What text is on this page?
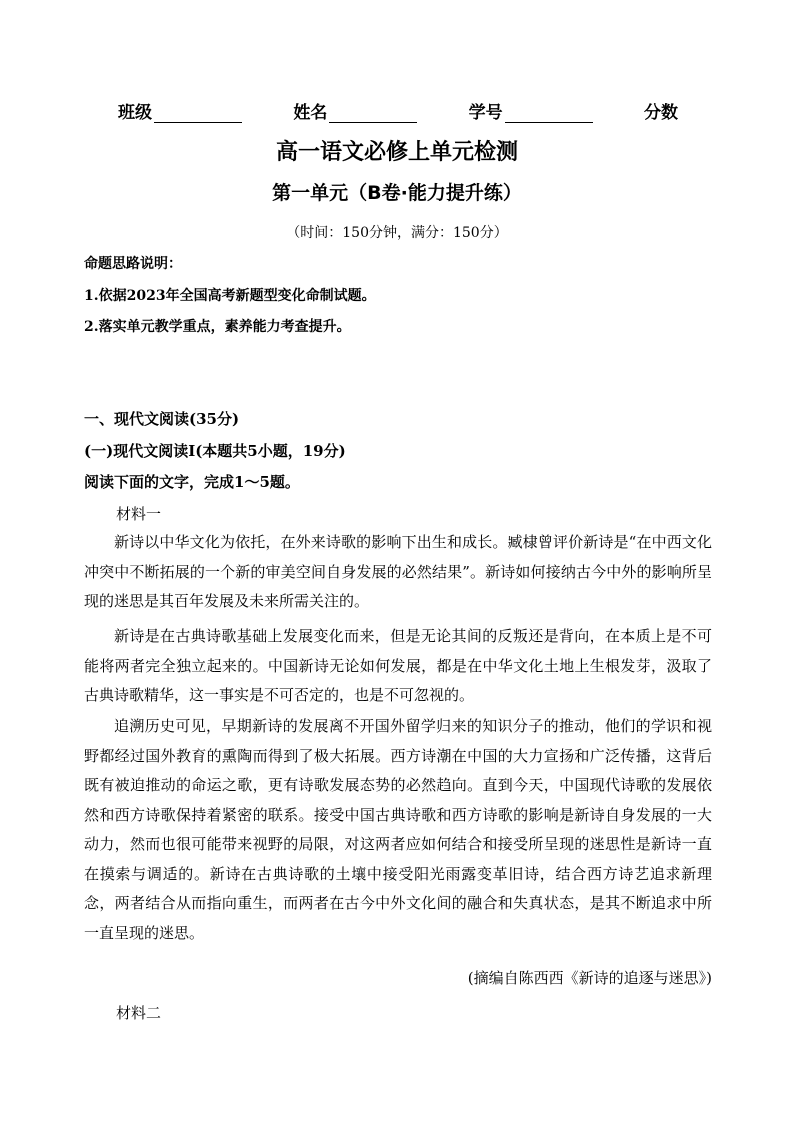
班级	姓名	学号	分数
高一语文必修上单元检测
第一单元（B卷·能力提升练）
（时间：150分钟，满分：150分）
命题思路说明：
1.依据2023年全国高考新题型变化命制试题。
2.落实单元教学重点，素养能力考查提升。
一、现代文阅读(35分)
(一)现代文阅读Ⅰ(本题共5小题，19分)
阅读下面的文字，完成1～5题。
材料一

新诗以中华文化为依托，在外来诗歌的影响下出生和成长。臧棣曾评价新诗是“在中西文化冲突中不断拓展的一个新的审美空间自身发展的必然结果”。新诗如何接纳古今中外的影响所呈现的迷思是其百年发展及未来所需关注的。

新诗是在古典诗歌基础上发展变化而来，但是无论其间的反叛还是背向，在本质上是不可能将两者完全独立起来的。中国新诗无论如何发展，都是在中华文化土地上生根发芽，汲取了古典诗歌精华，这一事实是不可否定的，也是不可忽视的。

追溯历史可见，早期新诗的发展离不开国外留学归来的知识分子的推动，他们的学识和视野都经过国外教育的熏陶而得到了极大拓展。西方诗潮在中国的大力宣扬和广泛传播，这背后既有被迫推动的命运之歌，更有诗歌发展态势的必然趋向。直到今天，中国现代诗歌的发展依然和西方诗歌保持着紧密的联系。接受中国古典诗歌和西方诗歌的影响是新诗自身发展的一大动力，然而也很可能带来视野的局限，对这两者应如何结合和接受所呈现的迷思性是新诗一直在摸索与调适的。新诗在古典诗歌的土壤中接受阳光雨露变革旧诗，结合西方诗艺追求新理念，两者结合从而指向重生，而两者在古今中外文化间的融合和失真状态，是其不断追求中所一直呈现的迷思。

(摘编自陈西西《新诗的追逐与迷思》)
材料二
